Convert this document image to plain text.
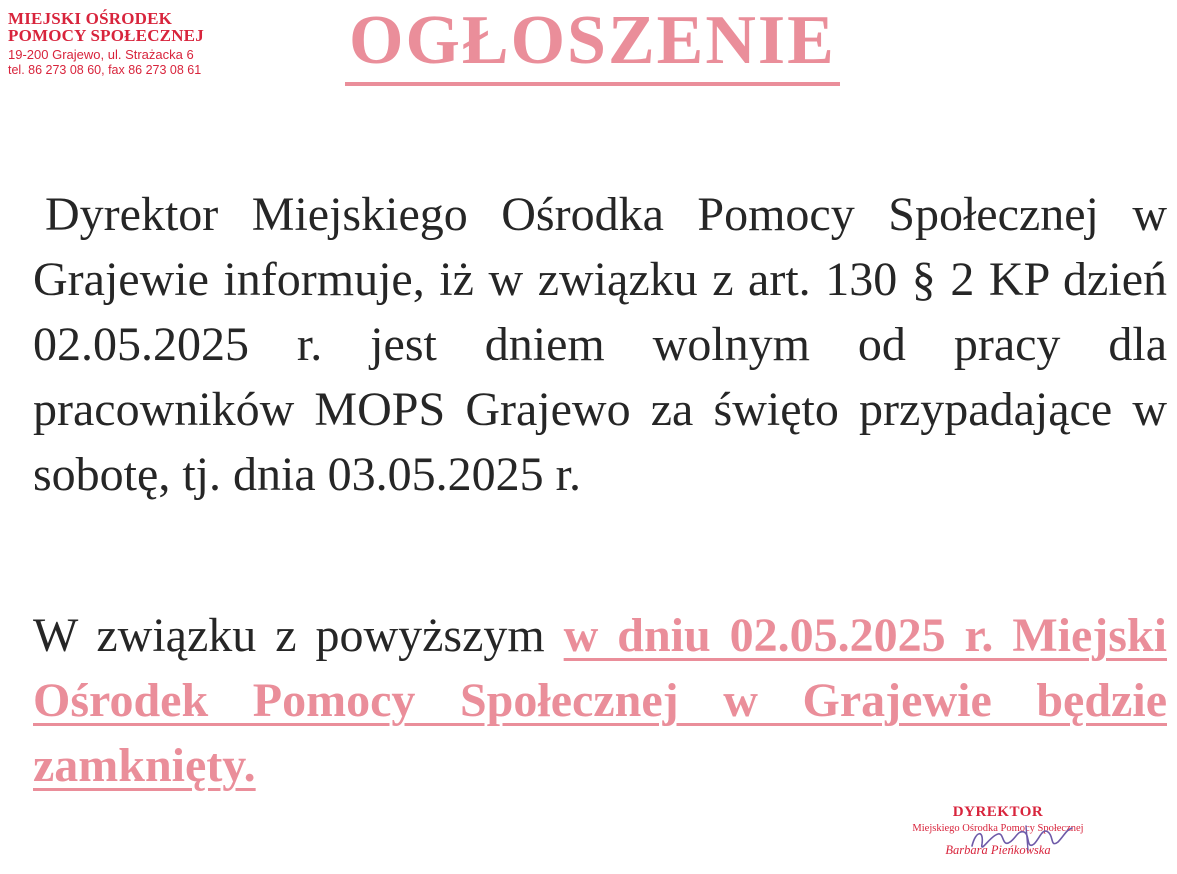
MIEJSKI OŚRODEK
POMOCY SPOŁECZNEJ
19-200 Grajewo, ul. Strażacka 6
tel. 86 273 08 60, fax 86 273 08 61 OGŁOSZENIE
Dyrektor Miejskiego Ośrodka Pomocy Społecznej w Grajewie informuje, iż w związku z art. 130 § 2 KP dzień 02.05.2025 r. jest dniem wolnym od pracy dla pracowników MOPS Grajewo za święto przypadające w sobotę, tj. dnia 03.05.2025 r.
W związku z powyższym w dniu 02.05.2025 r. Miejski Ośrodek Pomocy Społecznej w Grajewie będzie zamknięty.
DYREKTOR
Miejskiego Ośrodka Pomocy Społecznej
Barbara Pieńkowska
